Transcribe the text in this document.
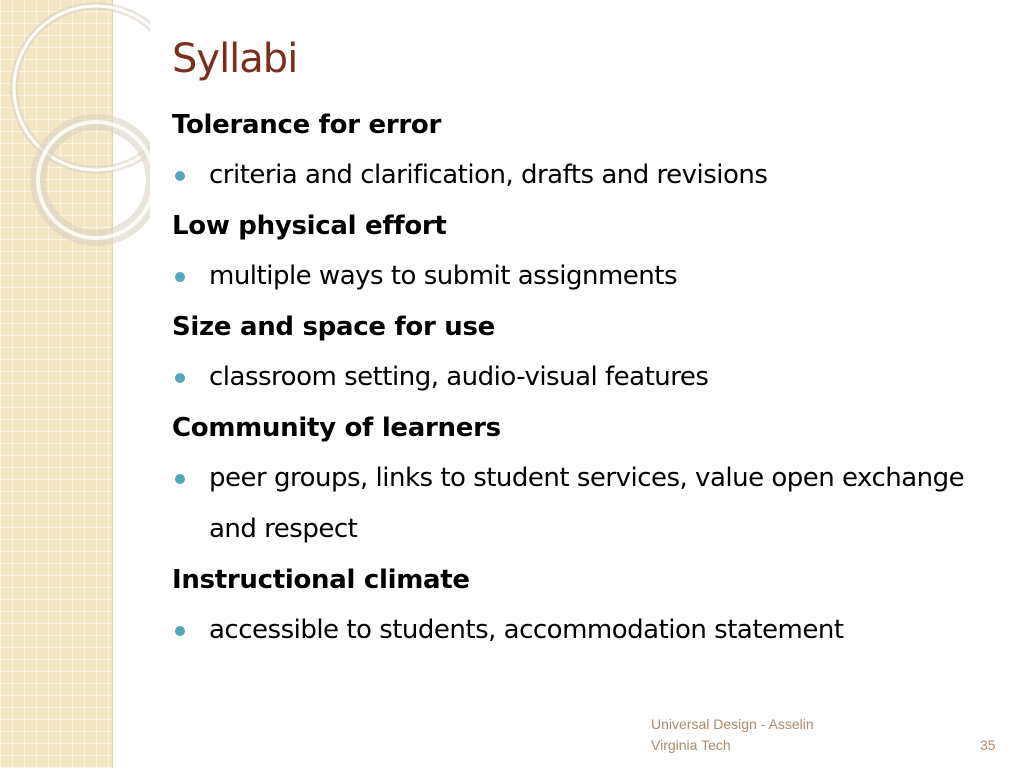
Syllabi
Tolerance for error
criteria and clarification, drafts and revisions
Low physical effort
multiple ways to submit assignments
Size and space for use
classroom setting, audio-visual features
Community of learners
peer groups, links to student services, value open exchange and respect
Instructional climate
accessible to students, accommodation statement
Universal Design - Asselin
Virginia Tech	35
